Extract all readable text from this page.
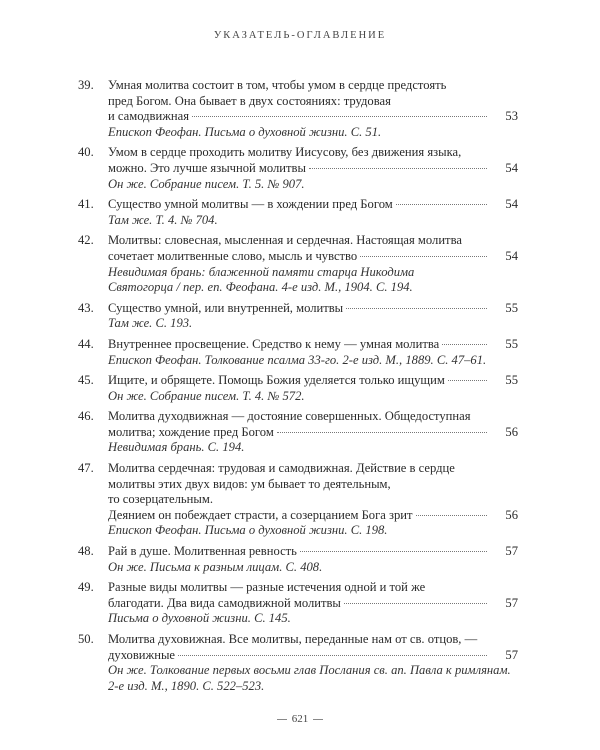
УКАЗАТЕЛЬ-ОГЛАВЛЕНИЕ
39.	Умная молитва состоит в том, чтобы умом в сердце предстоять
пред Богом. Она бывает в двух состояниях: трудовая
и самодвижная	53
Епископ Феофан. Письма о духовной жизни. С. 51.
40.	Умом в сердце проходить молитву Иисусову, без движения языка,
можно. Это лучше язычной молитвы	54
Он же. Собрание писем. Т. 5. № 907.
41.	Существо умной молитвы — в хождении пред Богом	54
Там же. Т. 4. № 704.
42.	Молитвы: словесная, мысленная и сердечная. Настоящая молитва
сочетает молитвенные слово, мысль и чувство	54
Невидимая брань: блаженной памяти старца Никодима
Святогорца / пер. еп. Феофана. 4-е изд. М., 1904. С. 194.
43.	Существо умной, или внутренней, молитвы	55
Там же. С. 193.
44.	Внутреннее просвещение. Средство к нему — умная молитва	55
Епископ Феофан. Толкование псалма 33-го. 2-е изд. М., 1889. С. 47–61.
45.	Ищите, и обрящете. Помощь Божия уделяется только ищущим	55
Он же. Собрание писем. Т. 4. № 572.
46.	Молитва духодвижная — достояние совершенных. Общедоступная
молитва; хождение пред Богом	56
Невидимая брань. С. 194.
47.	Молитва сердечная: трудовая и самодвижная. Действие в сердце
молитвы этих двух видов: ум бывает то деятельным,
то созерцательным.
Деянием он побеждает страсти, а созерцанием Бога зрит	56
Епископ Феофан. Письма о духовной жизни. С. 198.
48.	Рай в душе. Молитвенная ревность	57
Он же. Письма к разным лицам. С. 408.
49.	Разные виды молитвы — разные истечения одной и той же
благодати. Два вида самодвижной молитвы	57
Письма о духовной жизни. С. 145.
50.	Молитва духовижная. Все молитвы, переданные нам от св. отцов, —
духовижные	57
Он же. Толкование первых восьми глав Послания св. ап. Павла к римлянам.
2-е изд. М., 1890. С. 522–523.
621
